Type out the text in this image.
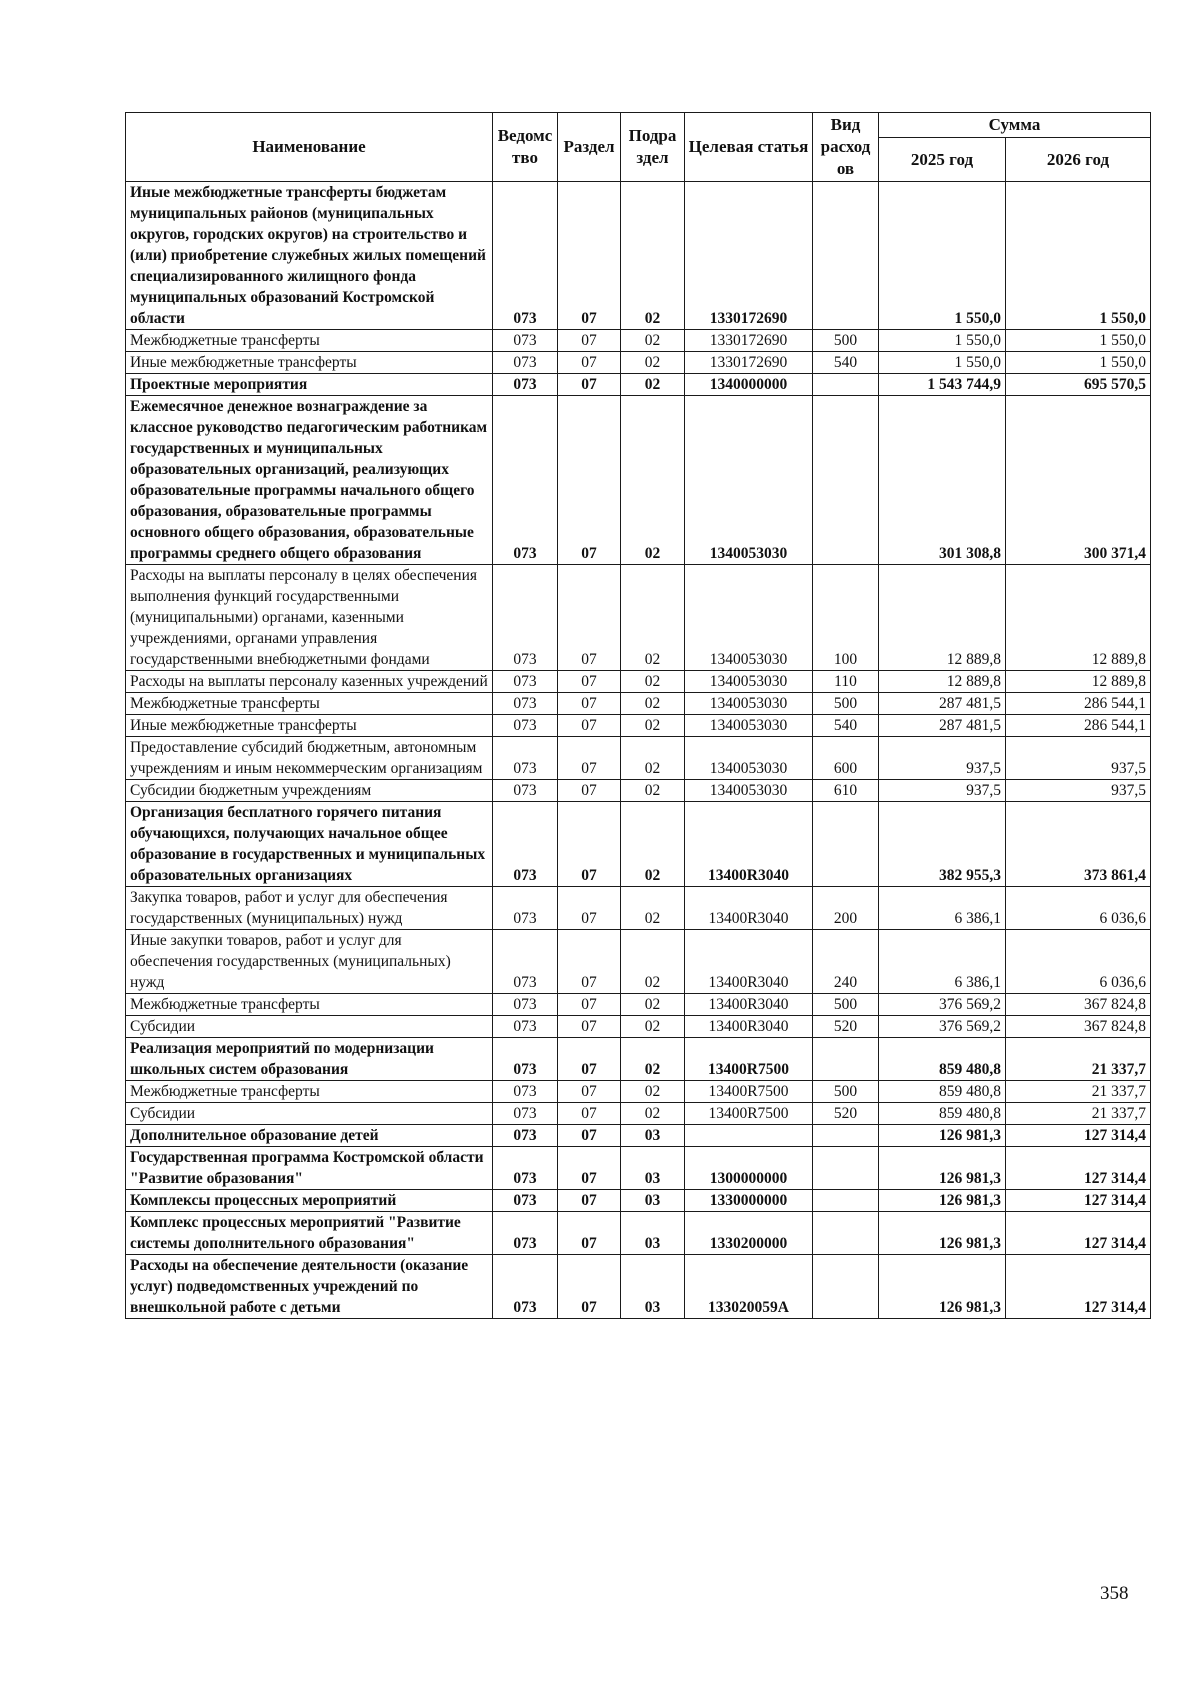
Наименование	Ведомс тво	Раздел	Подра здел	Целевая статья	Вид расход ов	Сумма	
						2025 год	2026 год
Иные межбюджетные трансферты бюджетам муниципальных районов (муниципальных округов, городских округов) на строительство и (или) приобретение служебных жилых помещений специализированного жилищного фонда муниципальных образований Костромской области	073	07	02	1330172690		1 550,0	1 550,0
Межбюджетные трансферты	073	07	02	1330172690	500	1 550,0	1 550,0
Иные межбюджетные трансферты	073	07	02	1330172690	540	1 550,0	1 550,0
Проектные мероприятия	073	07	02	1340000000		1 543 744,9	695 570,5
Ежемесячное денежное вознаграждение за классное руководство педагогическим работникам государственных и муниципальных образовательных организаций, реализующих образовательные программы начального общего образования, образовательные программы основного общего образования, образовательные программы среднего общего образования	073	07	02	1340053030		301 308,8	300 371,4
Расходы на выплаты персоналу в целях обеспечения выполнения функций государственными (муниципальными) органами, казенными учреждениями, органами управления государственными внебюджетными фондами	073	07	02	1340053030	100	12 889,8	12 889,8
Расходы на выплаты персоналу казенных учреждений	073	07	02	1340053030	110	12 889,8	12 889,8
Межбюджетные трансферты	073	07	02	1340053030	500	287 481,5	286 544,1
Иные межбюджетные трансферты	073	07	02	1340053030	540	287 481,5	286 544,1
Предоставление субсидий бюджетным, автономным учреждениям и иным некоммерческим организациям	073	07	02	1340053030	600	937,5	937,5
Субсидии бюджетным учреждениям	073	07	02	1340053030	610	937,5	937,5
Организация бесплатного горячего питания обучающихся, получающих начальное общее образование в государственных и муниципальных образовательных организациях	073	07	02	13400R3040		382 955,3	373 861,4
Закупка товаров, работ и услуг для обеспечения государственных (муниципальных) нужд	073	07	02	13400R3040	200	6 386,1	6 036,6
Иные закупки товаров, работ и услуг для обеспечения государственных (муниципальных) нужд	073	07	02	13400R3040	240	6 386,1	6 036,6
Межбюджетные трансферты	073	07	02	13400R3040	500	376 569,2	367 824,8
Субсидии	073	07	02	13400R3040	520	376 569,2	367 824,8
Реализация мероприятий по модернизации школьных систем образования	073	07	02	13400R7500		859 480,8	21 337,7
Межбюджетные трансферты	073	07	02	13400R7500	500	859 480,8	21 337,7
Субсидии	073	07	02	13400R7500	520	859 480,8	21 337,7
Дополнительное образование детей	073	07	03			126 981,3	127 314,4
Государственная программа Костромской области "Развитие образования"	073	07	03	1300000000		126 981,3	127 314,4
Комплексы процессных мероприятий	073	07	03	1330000000		126 981,3	127 314,4
Комплекс процессных мероприятий "Развитие системы дополнительного образования"	073	07	03	1330200000		126 981,3	127 314,4
Расходы на обеспечение деятельности (оказание услуг) подведомственных учреждений по внешкольной работе с детьми	073	07	03	133020059А		126 981,3	127 314,4
358
